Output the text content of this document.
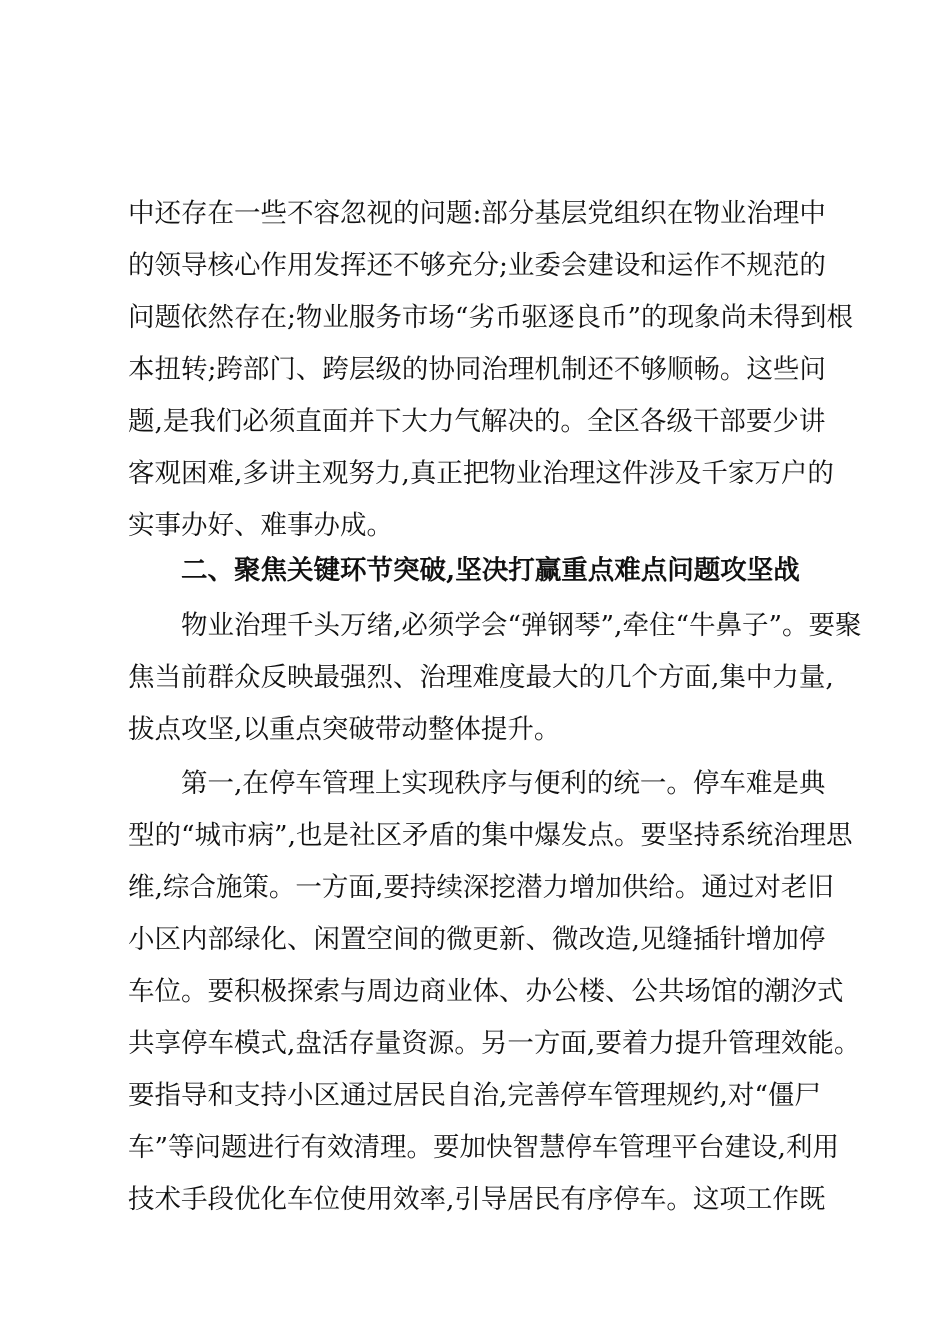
中还存在一些不容忽视的问题:部分基层党组织在物业治理中
的领导核心作用发挥还不够充分;业委会建设和运作不规范的
问题依然存在;物业服务市场“劣币驱逐良币”的现象尚未得到根
本扭转;跨部门、跨层级的协同治理机制还不够顺畅。这些问
题,是我们必须直面并下大力气解决的。全区各级干部要少讲
客观困难,多讲主观努力,真正把物业治理这件涉及千家万户的
实事办好、难事办成。
二、聚焦关键环节突破,坚决打赢重点难点问题攻坚战
物业治理千头万绪,必须学会“弹钢琴”,牵住“牛鼻子”。要聚
焦当前群众反映最强烈、治理难度最大的几个方面,集中力量,
拔点攻坚,以重点突破带动整体提升。
第一,在停车管理上实现秩序与便利的统一。停车难是典
型的“城市病”,也是社区矛盾的集中爆发点。要坚持系统治理思
维,综合施策。一方面,要持续深挖潜力增加供给。通过对老旧
小区内部绿化、闲置空间的微更新、微改造,见缝插针增加停
车位。要积极探索与周边商业体、办公楼、公共场馆的潮汐式
共享停车模式,盘活存量资源。另一方面,要着力提升管理效能。
要指导和支持小区通过居民自治,完善停车管理规约,对“僵尸
车”等问题进行有效清理。要加快智慧停车管理平台建设,利用
技术手段优化车位使用效率,引导居民有序停车。这项工作既
